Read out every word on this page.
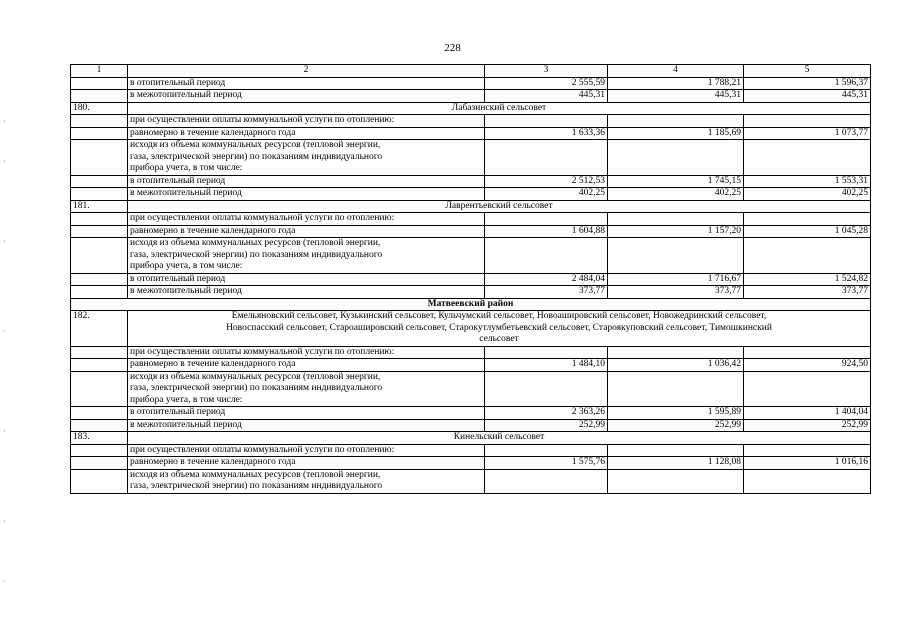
228
1	2	3	4	5
	в отопительный период	2 555,59	1 788,21	1 596,37
	в межотопительный период	445,31	445,31	445,31
180.	Лабазинский сельсовет			
	при осуществлении оплаты коммунальной услуги по отоплению:			
	равномерно в течение календарного года	1 633,36	1 185,69	1 073,77

	исходя из объема коммунальных ресурсов (тепловой энергии,
газа, электрической энергии) по показаниям индивидуального
прибора учета, в том числе:			

	в отопительный период	2 512,53	1 745,15	1 553,31
	в межотопительный период	402,25	402,25	402,25
181.	Лаврентьевский сельсовет			
	при осуществлении оплаты коммунальной услуги по отоплению:			
	равномерно в течение календарного года	1 604,88	1 157,20	1 045,28

	исходя из объема коммунальных ресурсов (тепловой энергии,
газа, электрической энергии) по показаниям индивидуального
прибора учета, в том числе:			

	в отопительный период	2 484,04	1 716,67	1 524,82
	в межотопительный период	373,77	373,77	373,77
Матвеевский район				
182.	Емельяновский сельсовет, Кузькинский сельсовет, Кульчумский сельсовет, Новоашировский сельсовет, Новожедринский сельсовет,
Новоспасский сельсовет, Староашировский сельсовет, Старокутлумбетьевский сельсовет, Староякуповский сельсовет, Тимошкинский
сельсовет			

	при осуществлении оплаты коммунальной услуги по отоплению:			
	равномерно в течение календарного года	1 484,10	1 036,42	924,50

	исходя из объема коммунальных ресурсов (тепловой энергии,
газа, электрической энергии) по показаниям индивидуального
прибора учета, в том числе:			

	в отопительный период	2 363,26	1 595,89	1 404,04
	в межотопительный период	252,99	252,99	252,99
183.	Кинельский сельсовет			
	при осуществлении оплаты коммунальной услуги по отоплению:			
	равномерно в течение календарного года	1 575,76	1 128,08	1 016,16

	исходя из объема коммунальных ресурсов (тепловой энергии,
газа, электрической энергии) по показаниям индивидуального			
